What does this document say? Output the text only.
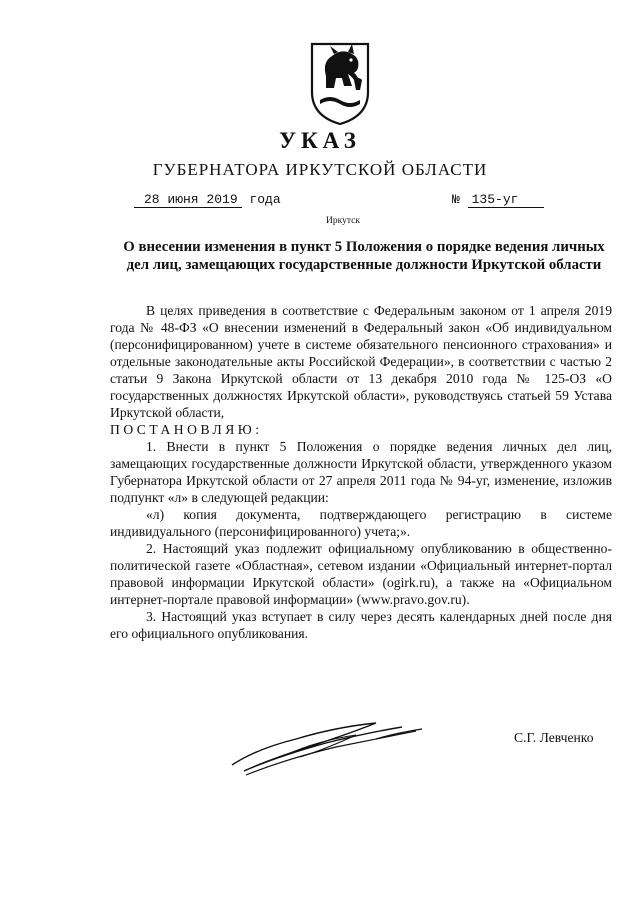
УКАЗ
ГУБЕРНАТОРА ИРКУТСКОЙ ОБЛАСТИ
28 июня 2019 года	№ 135-уг
Иркутск
О внесении изменения в пункт 5 Положения о порядке ведения личных
дел лиц, замещающих государственные должности Иркутской области

В целях приведения в соответствие с Федеральным законом от 1 апреля 2019 года № 48-ФЗ «О внесении изменений в Федеральный закон «Об индивидуальном (персонифицированном) учете в системе обязательного пенсионного страхования» и отдельные законодательные акты Российской Федерации», в соответствии с частью 2 статьи 9 Закона Иркутской области от 13 декабря 2010 года № 125-ОЗ «О государственных должностях Иркутской области», руководствуясь статьей 59 Устава Иркутской области,

ПОСТАНОВЛЯЮ:

1. Внести в пункт 5 Положения о порядке ведения личных дел лиц, замещающих государственные должности Иркутской области, утвержденного указом Губернатора Иркутской области от 27 апреля 2011 года № 94-уг, изменение, изложив подпункт «л» в следующей редакции:

«л) копия документа, подтверждающего регистрацию в системе индивидуального (персонифицированного) учета;».

2. Настоящий указ подлежит официальному опубликованию в общественно-политической газете «Областная», сетевом издании «Официальный интернет-портал правовой информации Иркутской области» (ogirk.ru), а также на «Официальном интернет-портале правовой информации» (www.pravo.gov.ru).

3. Настоящий указ вступает в силу через десять календарных дней после дня его официального опубликования.

С.Г. Левченко
